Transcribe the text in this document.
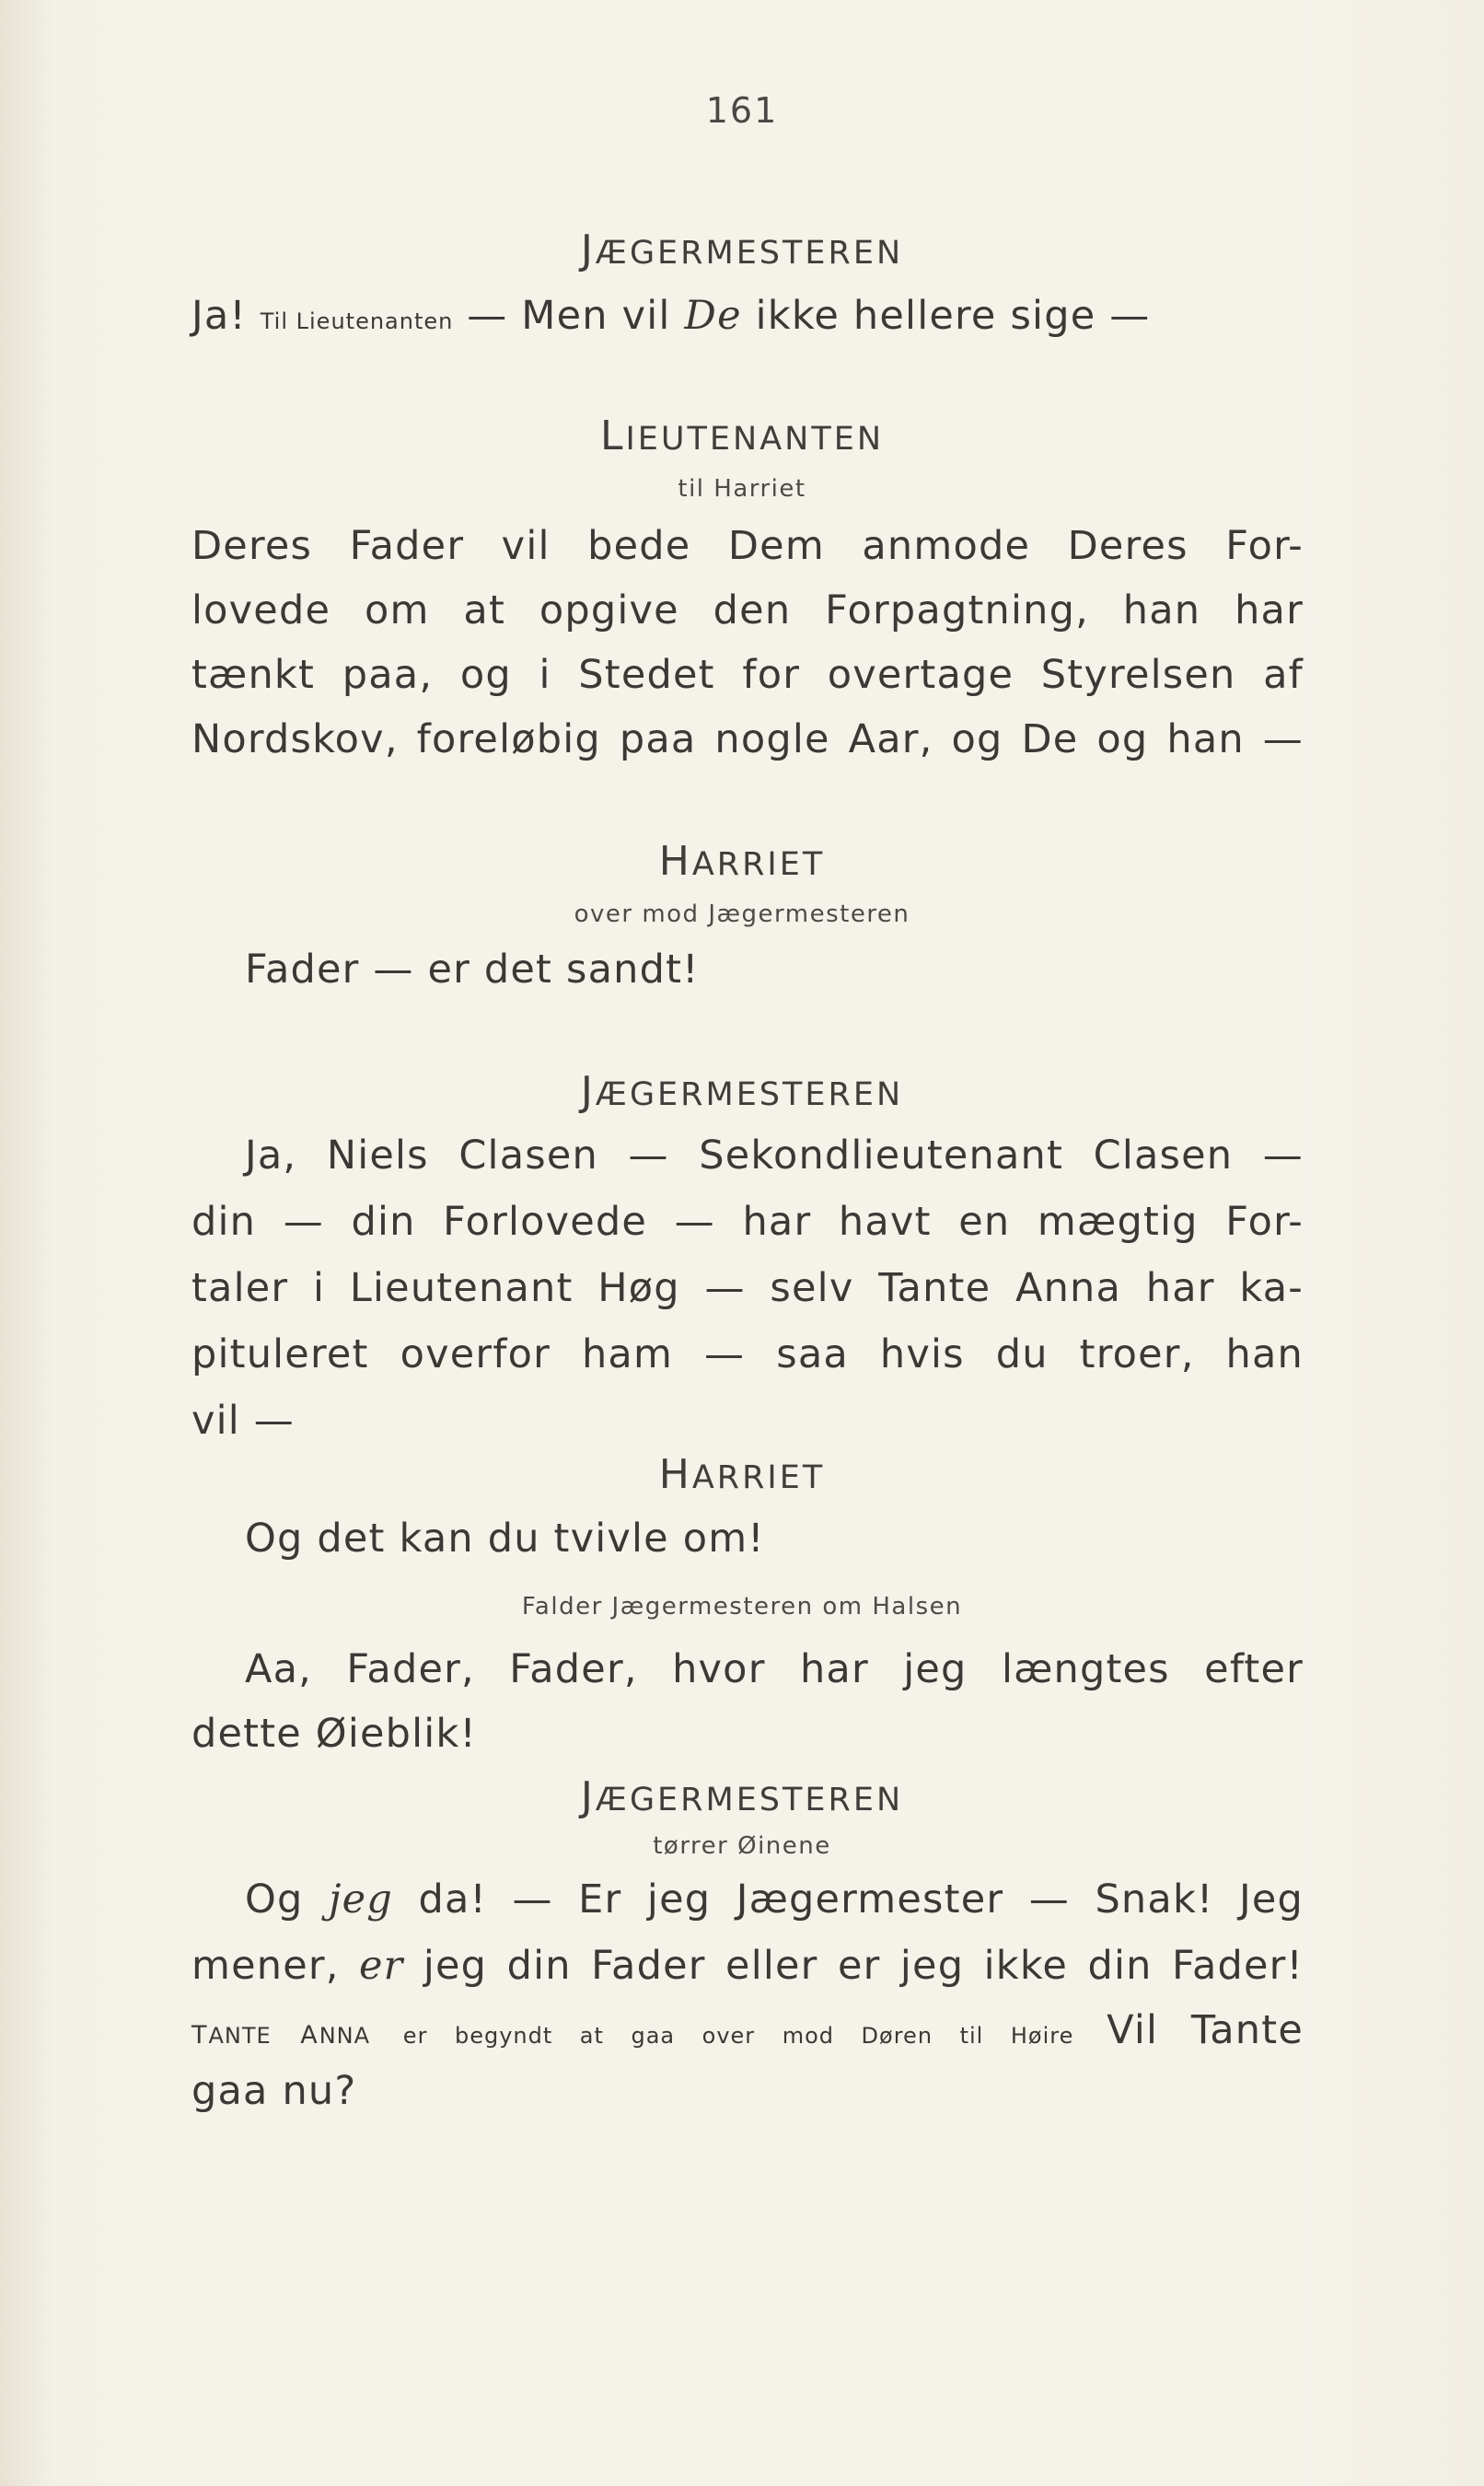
161
JÆGERMESTEREN
Ja! Til Lieutenanten — Men vil De ikke hellere sige —
LIEUTENANTEN
til Harriet
Deres Fader vil bede Dem anmode Deres For-
lovede om at opgive den Forpagtning, han har
tænkt paa, og i Stedet for overtage Styrelsen af
Nordskov, foreløbig paa nogle Aar, og De og han —
HARRIET
over mod Jægermesteren
Fader — er det sandt!
JÆGERMESTEREN
Ja, Niels Clasen — Sekondlieutenant Clasen —
din — din Forlovede — har havt en mægtig For-
taler i Lieutenant Høg — selv Tante Anna har ka-
pituleret overfor ham — saa hvis du troer, han
vil —
HARRIET
Og det kan du tvivle om!
Falder Jægermesteren om Halsen
Aa, Fader, Fader, hvor har jeg længtes efter
dette Øieblik!
JÆGERMESTEREN
tørrer Øinene
Og jeg da! — Er jeg Jægermester — Snak! Jeg
mener, er jeg din Fader eller er jeg ikke din Fader!
TANTE ANNA er begyndt at gaa over mod Døren til Høire Vil Tante
gaa nu?
